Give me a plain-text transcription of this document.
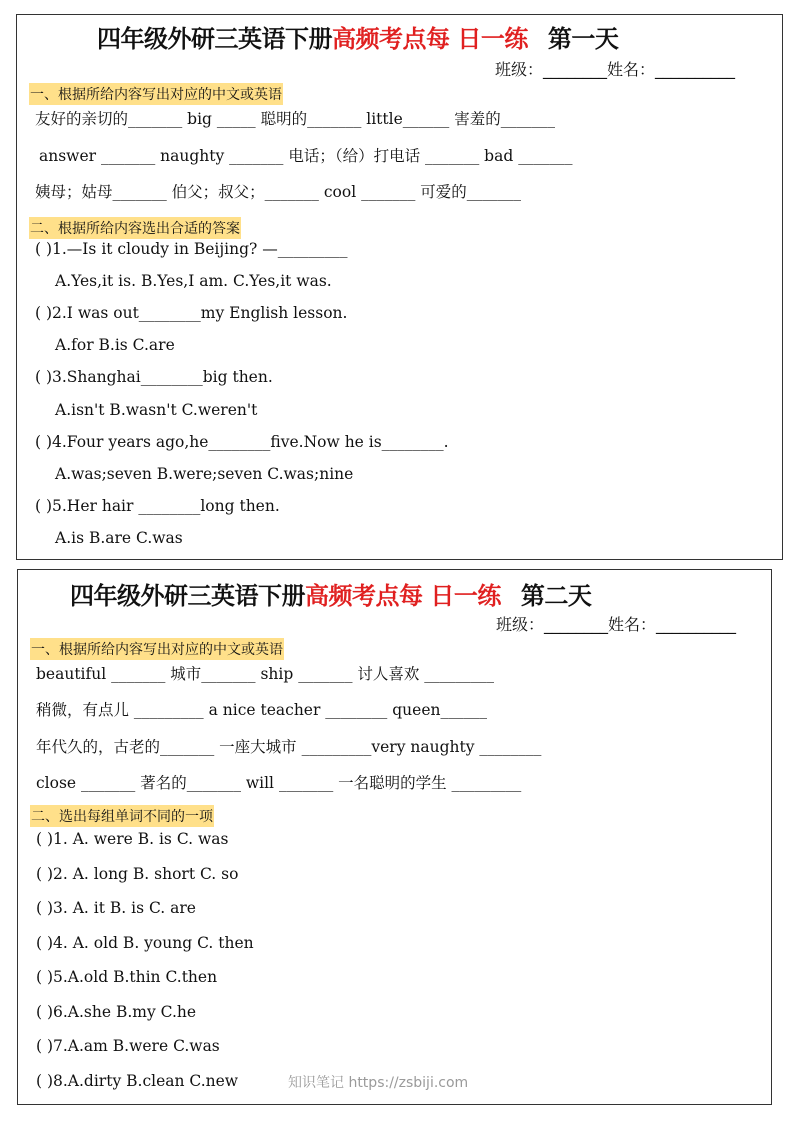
四年级外研三英语下册高频考点每 日一练 第一天
班级：________姓名：__________
一、根据所给内容写出对应的中文或英语
友好的亲切的_______ big _____ 聪明的_______ little______ 害羞的_______
answer _______ naughty _______ 电话；（给）打电话 _______ bad _______
姨母；姑母_______ 伯父；叔父；_______ cool _______ 可爱的_______
二、根据所给内容选出合适的答案
( )1.—Is it cloudy in Beijing? —_________
A.Yes,it is. B.Yes,I am. C.Yes,it was.
( )2.I was out________my English lesson.
A.for B.is C.are
( )3.Shanghai________big then.
A.isn't B.wasn't C.weren't
( )4.Four years ago,he________five.Now he is________.
A.was;seven B.were;seven C.was;nine
( )5.Her hair ________long then.
A.is B.are C.was
四年级外研三英语下册高频考点每 日一练 第二天
班级：________姓名：__________
一、根据所给内容写出对应的中文或英语
beautiful _______ 城市_______ ship _______ 讨人喜欢 _________
稍微，有点儿 _________ a nice teacher ________ queen______
年代久的，古老的_______ 一座大城市 _________very naughty ________
close _______ 著名的_______ will _______ 一名聪明的学生 _________
二、选出每组单词不同的一项
( )1. A. were B. is C. was
( )2. A. long B. short C. so
( )3. A. it B. is C. are
( )4. A. old B. young C. then
( )5.A.old B.thin C.then
( )6.A.she B.my C.he
( )7.A.am B.were C.was
( )8.A.dirty B.clean C.new	知识笔记 https://zsbiji.com
